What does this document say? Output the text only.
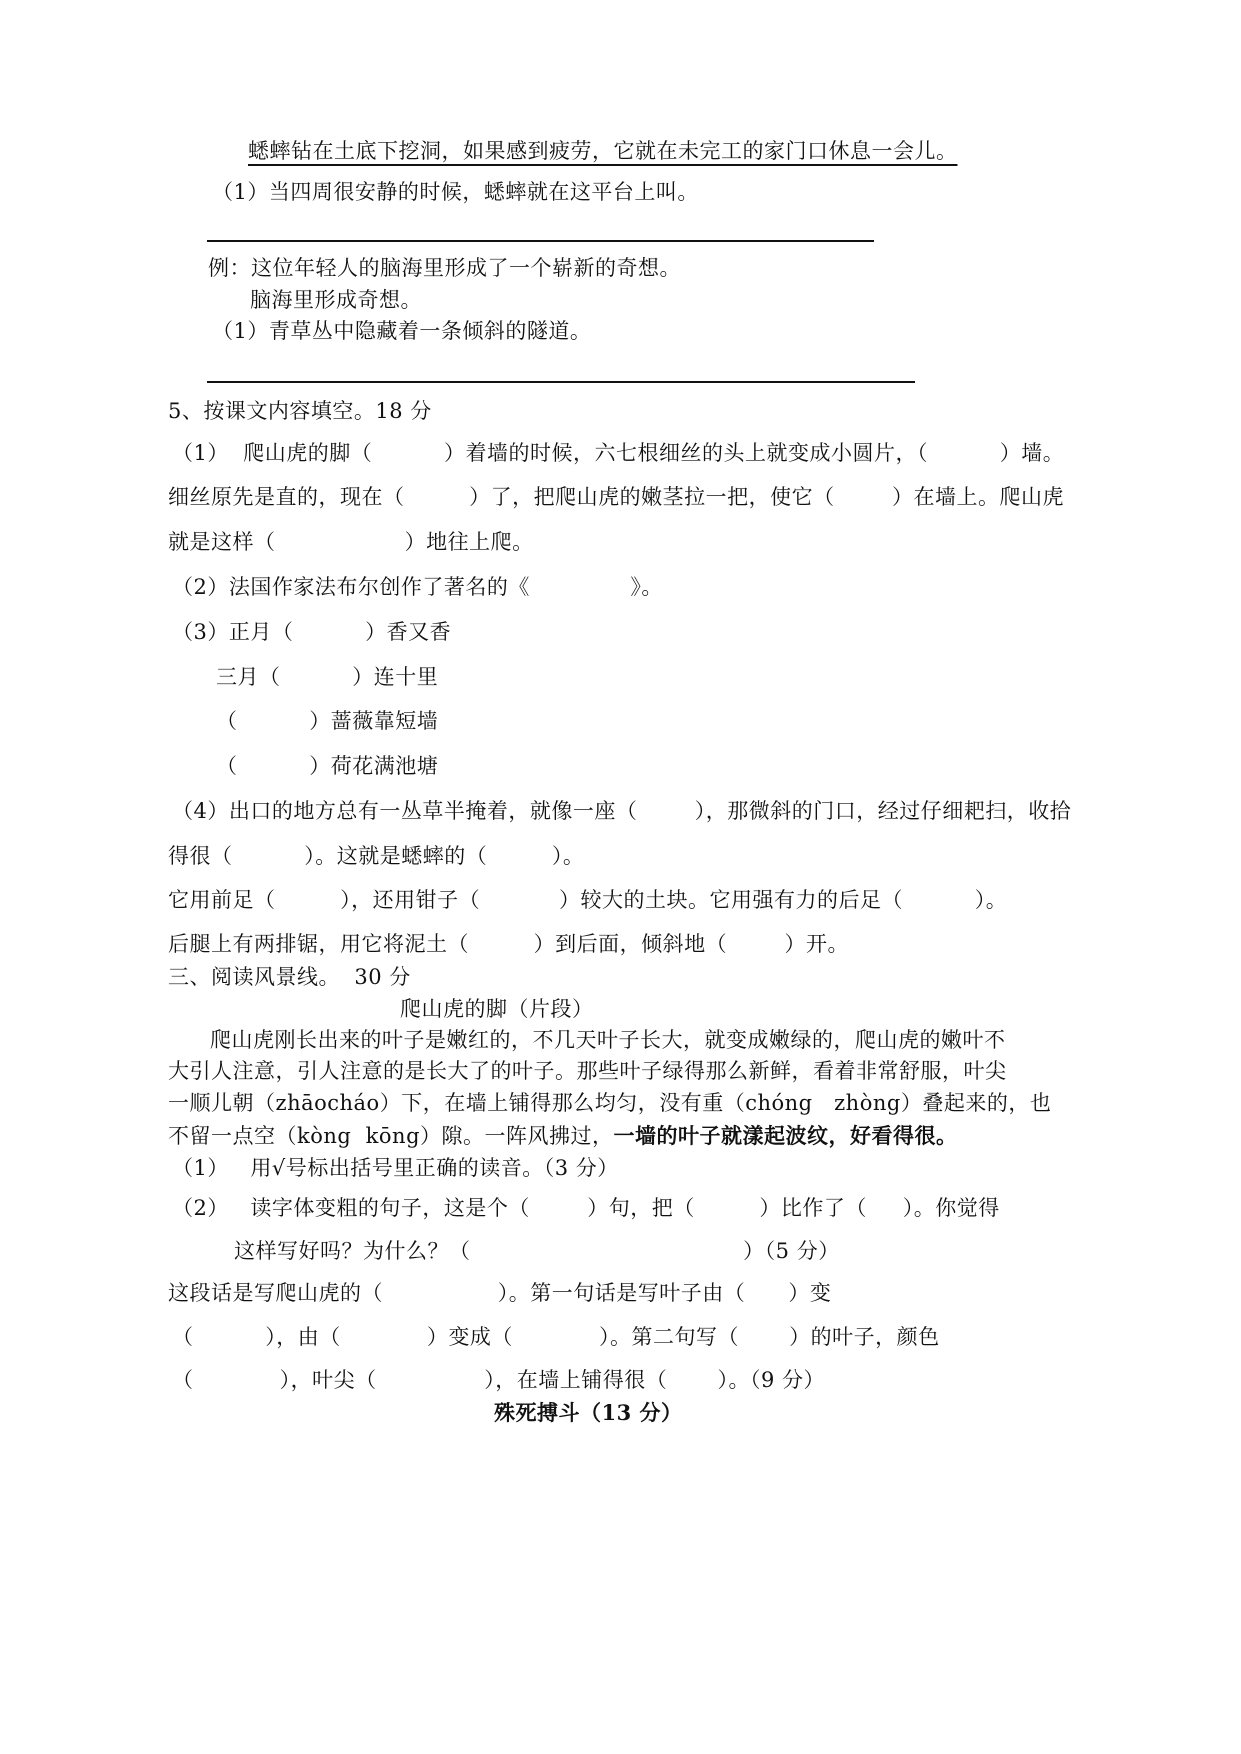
蟋蟀钻在土底下挖洞，如果感到疲劳，它就在未完工的家门口休息一会儿。
（1）当四周很安静的时候，蟋蟀就在这平台上叫。
例：这位年轻人的脑海里形成了一个崭新的奇想。
脑海里形成奇想。
（1）青草丛中隐藏着一条倾斜的隧道。
5、按课文内容填空。18 分
（1）  爬山虎的脚（          ）着墙的时候，六七根细丝的头上就变成小圆片，（          ）墙。
细丝原先是直的，现在（         ）了，把爬山虎的嫩茎拉一把，使它（        ）在墙上。爬山虎
就是这样（                  ）地往上爬。
（2）法国作家法布尔创作了著名的《              》。
（3）正月（          ）香又香
三月（          ）连十里
（          ）蔷薇靠短墙
（          ）荷花满池塘
（4）出口的地方总有一丛草半掩着，就像一座（        ），那微斜的门口，经过仔细耙扫，收拾
得很（          ）。这就是蟋蟀的（         ）。
它用前足（         ），还用钳子（           ）较大的土块。它用强有力的后足（          ）。
后腿上有两排锯，用它将泥土（         ）到后面，倾斜地（        ）开。
三、阅读风景线。  30 分
爬山虎的脚（片段）
爬山虎刚长出来的叶子是嫩红的，不几天叶子长大，就变成嫩绿的，爬山虎的嫩叶不
大引人注意，引人注意的是长大了的叶子。那些叶子绿得那么新鲜，看着非常舒服，叶尖
一顺儿朝（zhāocháo）下，在墙上铺得那么均匀，没有重（chóng   zhòng）叠起来的，也
不留一点空（kòng  kōng）隙。一阵风拂过，一墙的叶子就漾起波纹，好看得很。
（1）   用√号标出括号里正确的读音。（3 分）
（2）   读字体变粗的句子，这是个（        ）句，把（         ）比作了（     ）。你觉得
这样写好吗？为什么？（                                      ）（5 分）
这段话是写爬山虎的（                ）。第一句话是写叶子由（      ）变
（          ），由（            ）变成（            ）。第二句写（       ）的叶子，颜色
（            ），叶尖（               ），在墙上铺得很（       ）。（9 分）
殊死搏斗（13 分）
